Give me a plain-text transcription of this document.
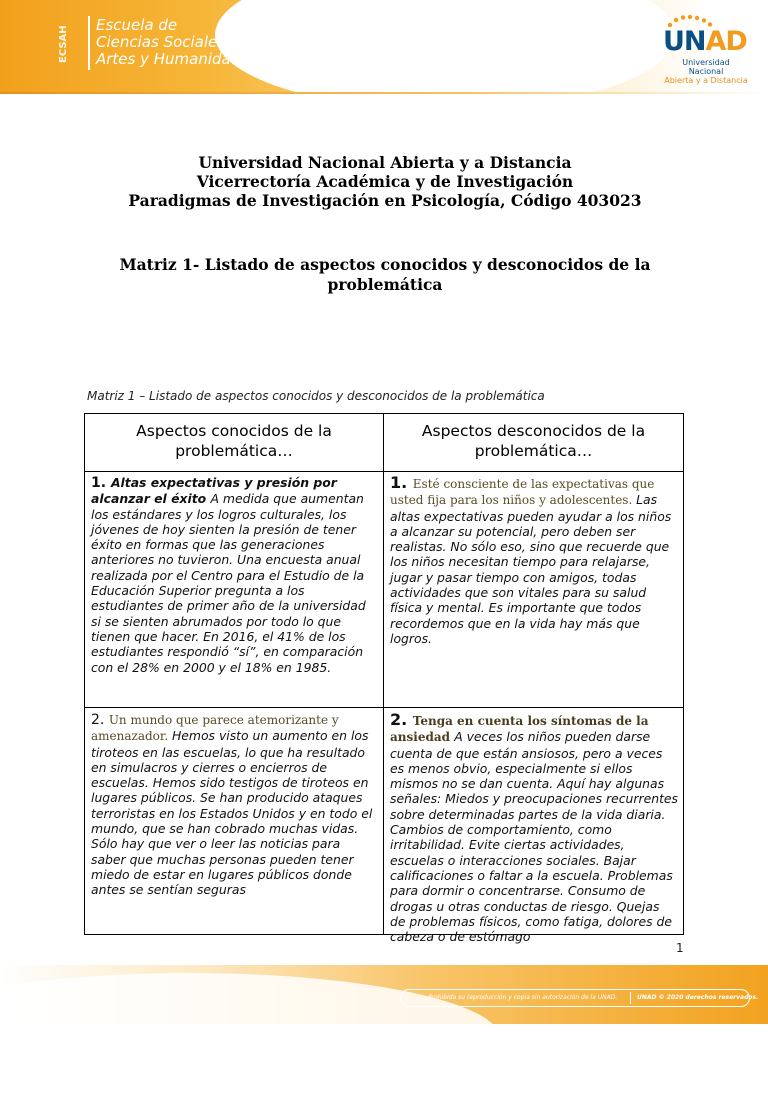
ECSAH
Escuela de
Ciencias Sociales
Artes y Humanidades
UNAD
Universidad Nacional
Abierta y a Distancia
Universidad Nacional Abierta y a Distancia
Vicerrectoría Académica y de Investigación
Paradigmas de Investigación en Psicología, Código 403023
Matriz 1- Listado de aspectos conocidos y desconocidos de la problemática
Matriz 1 – Listado de aspectos conocidos y desconocidos de la problemática
Aspectos conocidos de la problemática…
Aspectos desconocidos de la problemática…
1. Altas expectativas y presión por alcanzar el éxito A medida que aumentan los estándares y los logros culturales, los jóvenes de hoy sienten la presión de tener éxito en formas que las generaciones anteriores no tuvieron. Una encuesta anual realizada por el Centro para el Estudio de la Educación Superior pregunta a los estudiantes de primer año de la universidad si se sienten abrumados por todo lo que tienen que hacer. En 2016, el 41% de los estudiantes respondió “sí”, en comparación con el 28% en 2000 y el 18% en 1985.
1. Esté consciente de las expectativas que usted fija para los niños y adolescentes. Las altas expectativas pueden ayudar a los niños a alcanzar su potencial, pero deben ser realistas. No sólo eso, sino que recuerde que los niños necesitan tiempo para relajarse, jugar y pasar tiempo con amigos, todas actividades que son vitales para su salud física y mental. Es importante que todos recordemos que en la vida hay más que logros.
2. Un mundo que parece atemorizante y amenazador. Hemos visto un aumento en los tiroteos en las escuelas, lo que ha resultado en simulacros y cierres o encierros de escuelas. Hemos sido testigos de tiroteos en lugares públicos. Se han producido ataques terroristas en los Estados Unidos y en todo el mundo, que se han cobrado muchas vidas. Sólo hay que ver o leer las noticias para saber que muchas personas pueden tener miedo de estar en lugares públicos donde antes se sentían seguras
2. Tenga en cuenta los síntomas de la ansiedad A veces los niños pueden darse cuenta de que están ansiosos, pero a veces es menos obvio, especialmente si ellos mismos no se dan cuenta. Aquí hay algunas señales: Miedos y preocupaciones recurrentes sobre determinadas partes de la vida diaria. Cambios de comportamiento, como irritabilidad. Evite ciertas actividades, escuelas o interacciones sociales. Bajar calificaciones o faltar a la escuela. Problemas para dormir o concentrarse. Consumo de drogas u otras conductas de riesgo. Quejas de problemas físicos, como fatiga, dolores de cabeza o de estómago
1
Prohibida su reproducción y copia sin autorización de la UNAD.	UNAD © 2020 derechos reservados.
